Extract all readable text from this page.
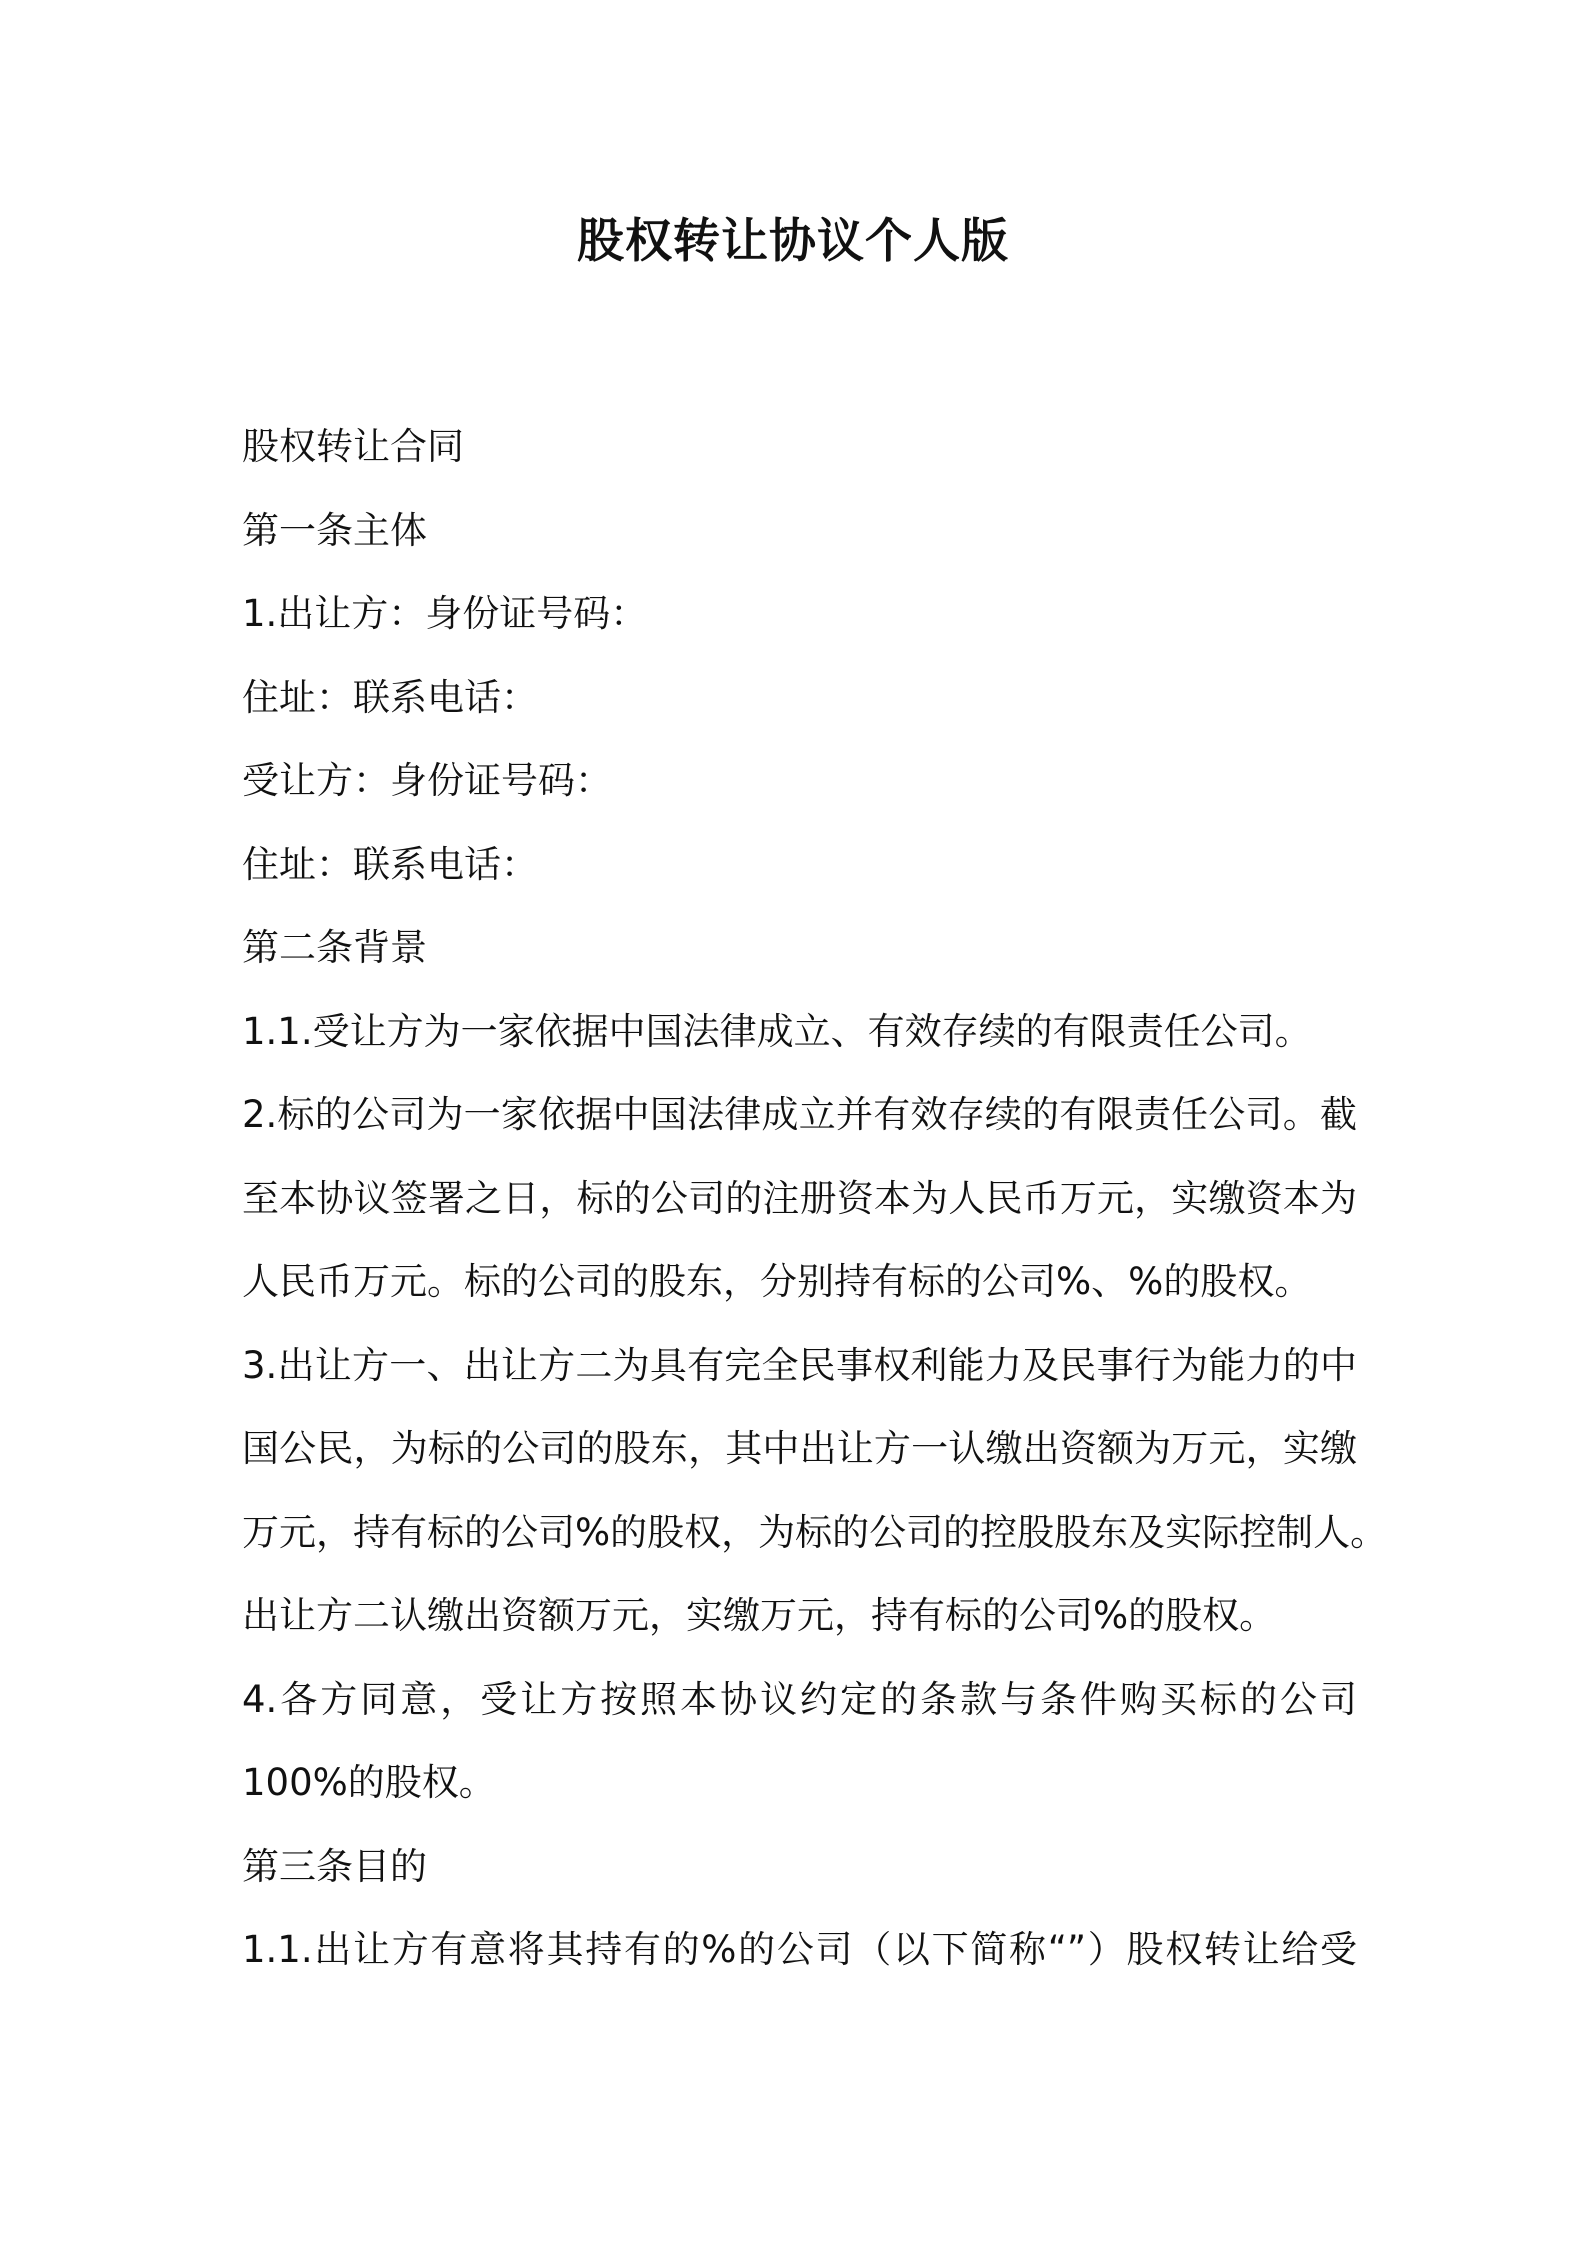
股权转让协议个人版
股权转让合同
第一条主体
1.出让方：身份证号码：
住址：联系电话：
受让方：身份证号码：
住址：联系电话：
第二条背景
1.1.受让方为一家依据中国法律成立、有效存续的有限责任公司。
2.标的公司为一家依据中国法律成立并有效存续的有限责任公司。截
至本协议签署之日，标的公司的注册资本为人民币万元，实缴资本为
人民币万元。标的公司的股东，分别持有标的公司%、%的股权。
3.出让方一、出让方二为具有完全民事权利能力及民事行为能力的中
国公民，为标的公司的股东，其中出让方一认缴出资额为万元，实缴
万元，持有标的公司%的股权，为标的公司的控股股东及实际控制人。
出让方二认缴出资额万元，实缴万元，持有标的公司%的股权。
4.各方同意，受让方按照本协议约定的条款与条件购买标的公司
100%的股权。
第三条目的
1.1.出让方有意将其持有的%的公司（以下简称“”）股权转让给受
